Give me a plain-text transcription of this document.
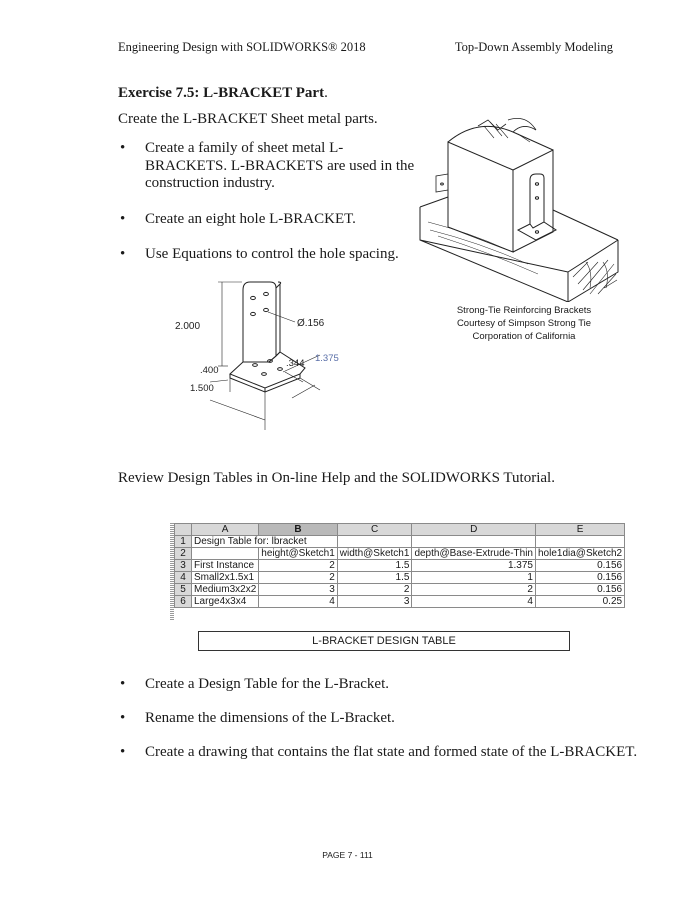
Engineering Design with SOLIDWORKS® 2018	Top-Down Assembly Modeling
Exercise 7.5: L-BRACKET Part.
Create the L-BRACKET Sheet metal parts.
• Create a family of sheet metal L-BRACKETS. L-BRACKETS are used in the construction industry.
• Create an eight hole L-BRACKET.
• Use Equations to control the hole spacing.
2.000	Ø.156
.344 1.375
.400
1.500
Strong-Tie Reinforcing Brackets
Courtesy of Simpson Strong Tie
Corporation of California
Review Design Tables in On-line Help and the SOLIDWORKS Tutorial.
	A	B	C	D	E
1	Design Table for: lbracket				
2		height@Sketch1	width@Sketch1	depth@Base-Extrude-Thin	hole1dia@Sketch2
3	First Instance	2	1.5	1.375	0.156
4	Small2x1.5x1	2	1.5	1	0.156
5	Medium3x2x2	3	2	2	0.156
6	Large4x3x4	4	3	4	0.25
L-BRACKET DESIGN TABLE
• Create a Design Table for the L-Bracket.
• Rename the dimensions of the L-Bracket.
• Create a drawing that contains the flat state and formed state of the L-BRACKET.
PAGE 7 - 111
